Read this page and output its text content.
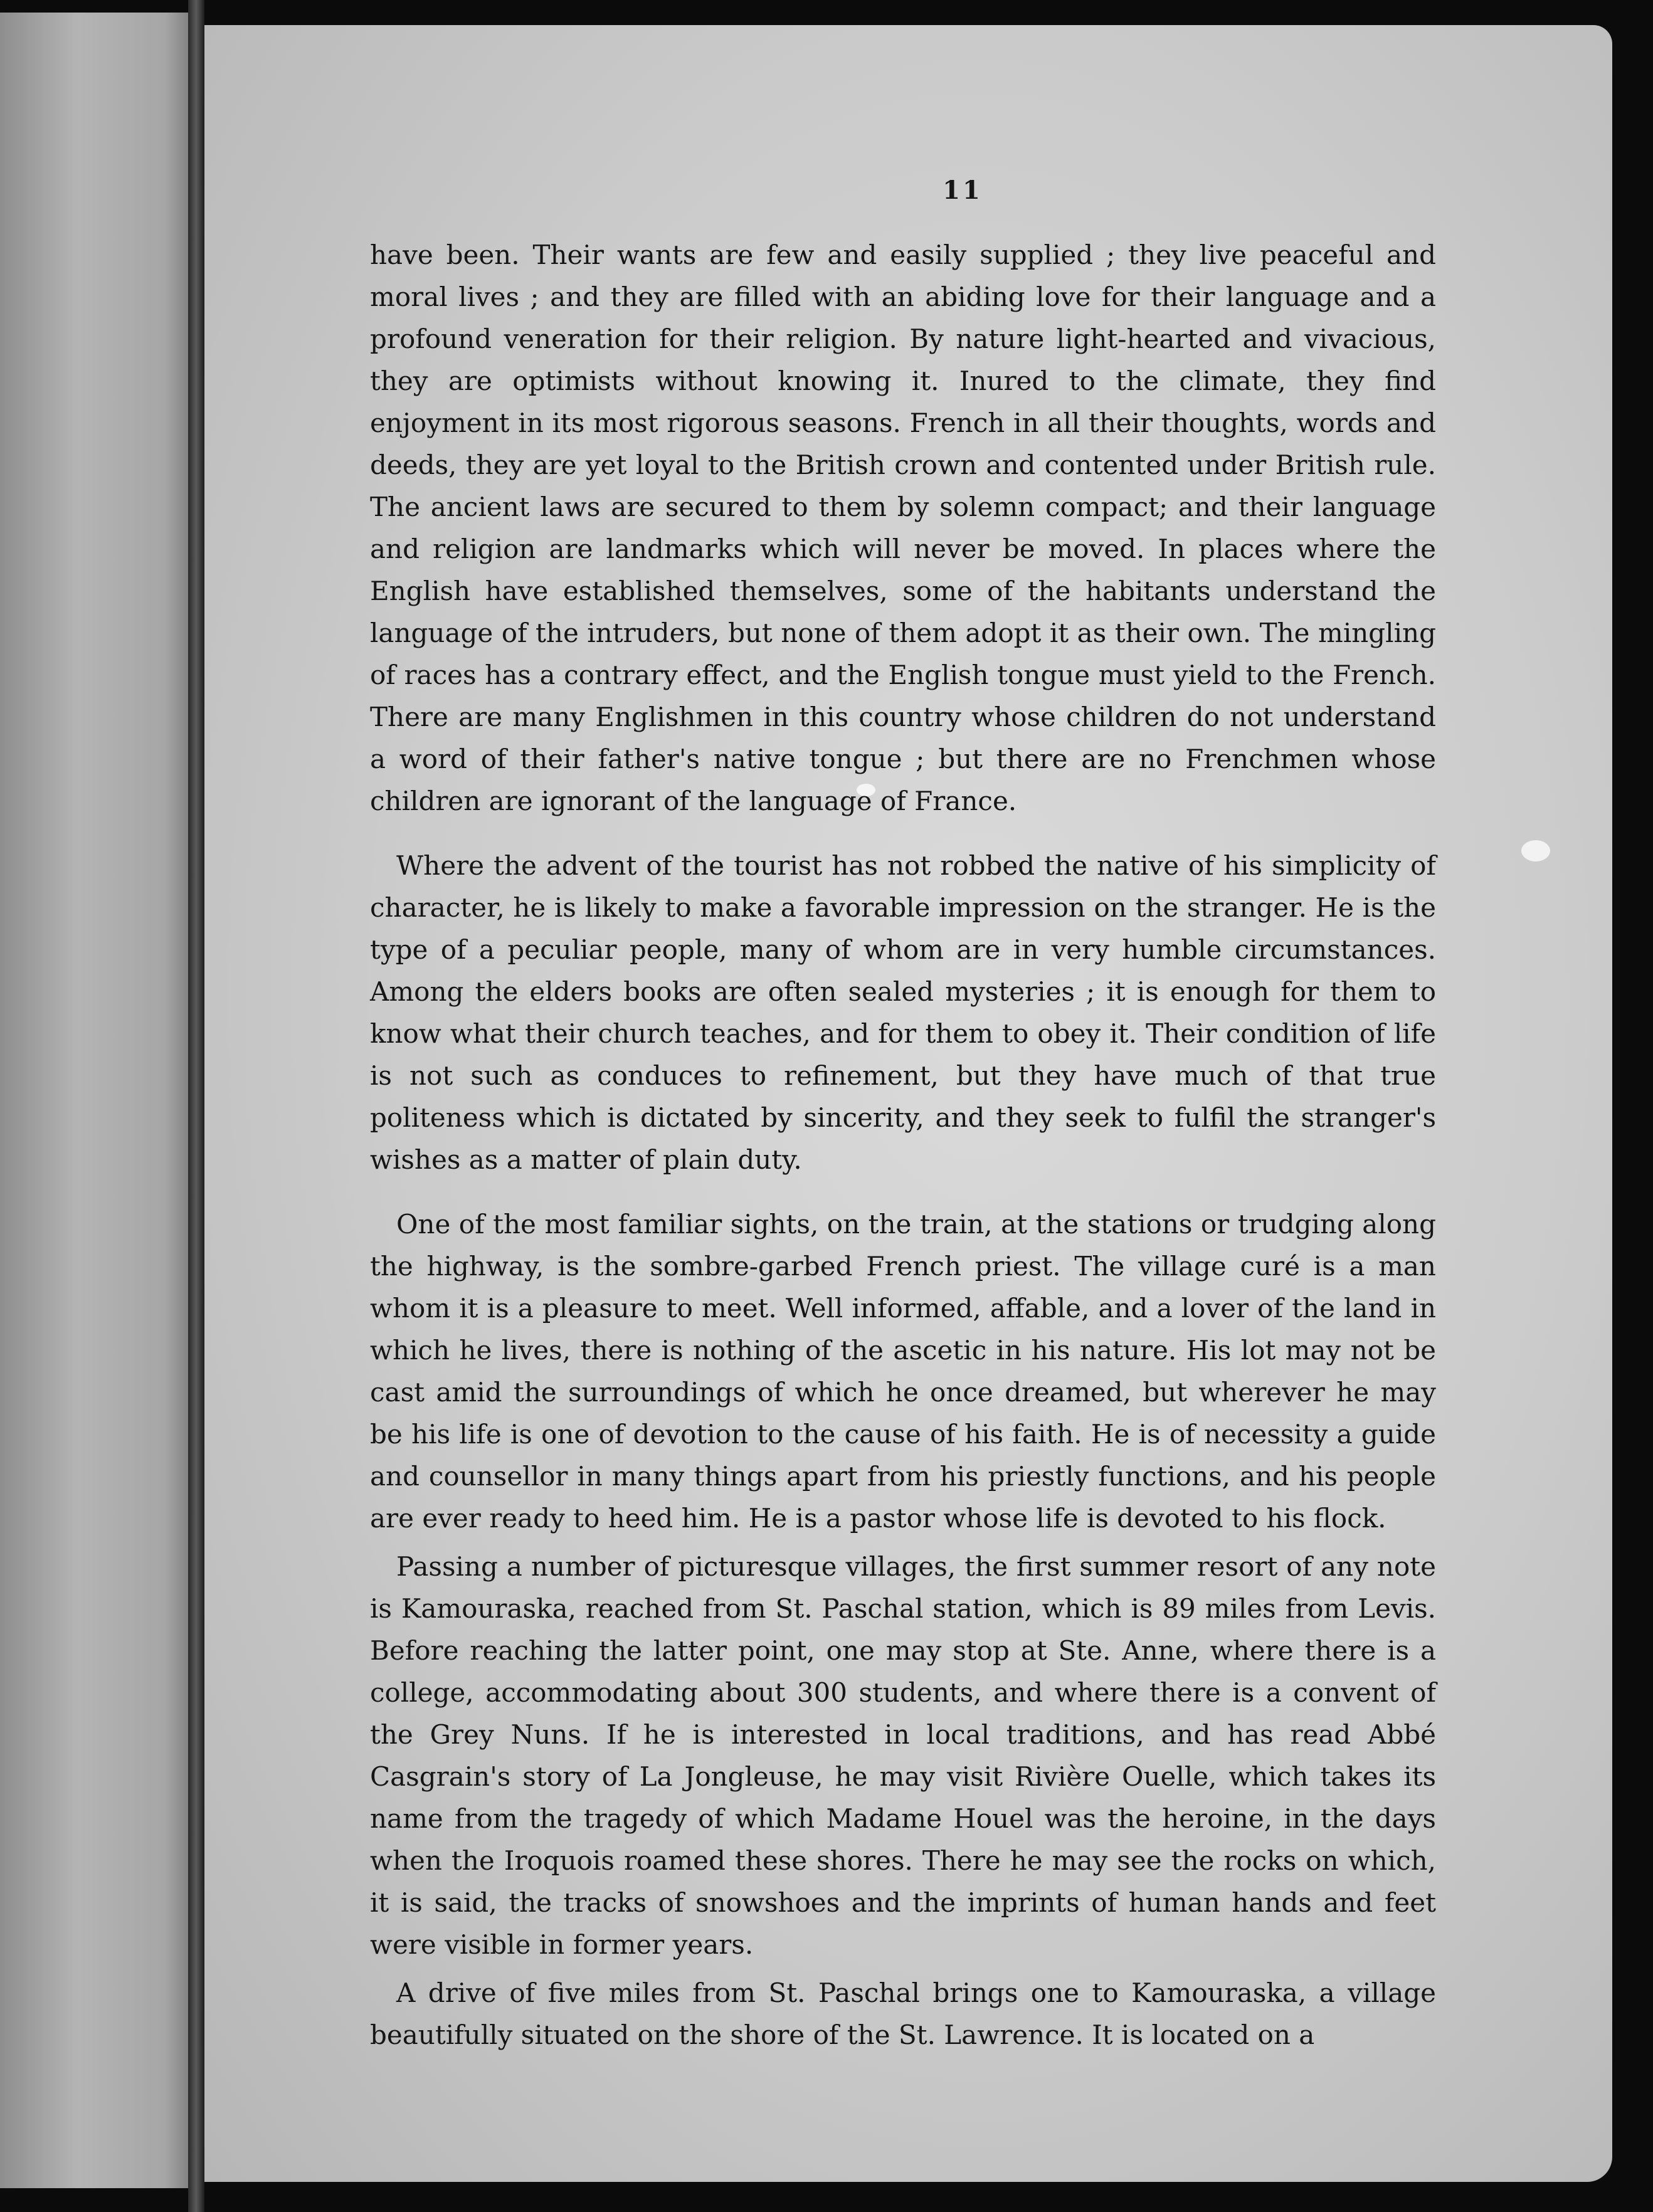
11

have been. Their wants are few and easily supplied ; they live peaceful and moral lives ; and they are filled with an abiding love for their language and a profound veneration for their religion. By nature light-hearted and vivacious, they are optimists without knowing it. Inured to the climate, they find enjoyment in its most rigorous seasons. French in all their thoughts, words and deeds, they are yet loyal to the British crown and contented under British rule. The ancient laws are secured to them by solemn compact; and their language and religion are landmarks which will never be moved. In places where the English have established themselves, some of the habitants understand the language of the intruders, but none of them adopt it as their own. The mingling of races has a contrary effect, and the English tongue must yield to the French. There are many Englishmen in this country whose children do not understand a word of their father's native tongue ; but there are no Frenchmen whose children are ignorant of the language of France.

Where the advent of the tourist has not robbed the native of his simplicity of character, he is likely to make a favorable impression on the stranger. He is the type of a peculiar people, many of whom are in very humble circumstances. Among the elders books are often sealed mysteries ; it is enough for them to know what their church teaches, and for them to obey it. Their condition of life is not such as conduces to refinement, but they have much of that true politeness which is dictated by sincerity, and they seek to fulfil the stranger's wishes as a matter of plain duty.

One of the most familiar sights, on the train, at the stations or trudging along the highway, is the sombre-garbed French priest. The village curé is a man whom it is a pleasure to meet. Well informed, affable, and a lover of the land in which he lives, there is nothing of the ascetic in his nature. His lot may not be cast amid the surroundings of which he once dreamed, but wherever he may be his life is one of devotion to the cause of his faith. He is of necessity a guide and counsellor in many things apart from his priestly functions, and his people are ever ready to heed him. He is a pastor whose life is devoted to his flock.

Passing a number of picturesque villages, the first summer resort of any note is Kamouraska, reached from St. Paschal station, which is 89 miles from Levis. Before reaching the latter point, one may stop at Ste. Anne, where there is a college, accommodating about 300 students, and where there is a convent of the Grey Nuns. If he is interested in local traditions, and has read Abbé Casgrain's story of La Jongleuse, he may visit Rivière Ouelle, which takes its name from the tragedy of which Madame Houel was the heroine, in the days when the Iroquois roamed these shores. There he may see the rocks on which, it is said, the tracks of snowshoes and the imprints of human hands and feet were visible in former years.

A drive of five miles from St. Paschal brings one to Kamouraska, a village beautifully situated on the shore of the St. Lawrence. It is located on a
